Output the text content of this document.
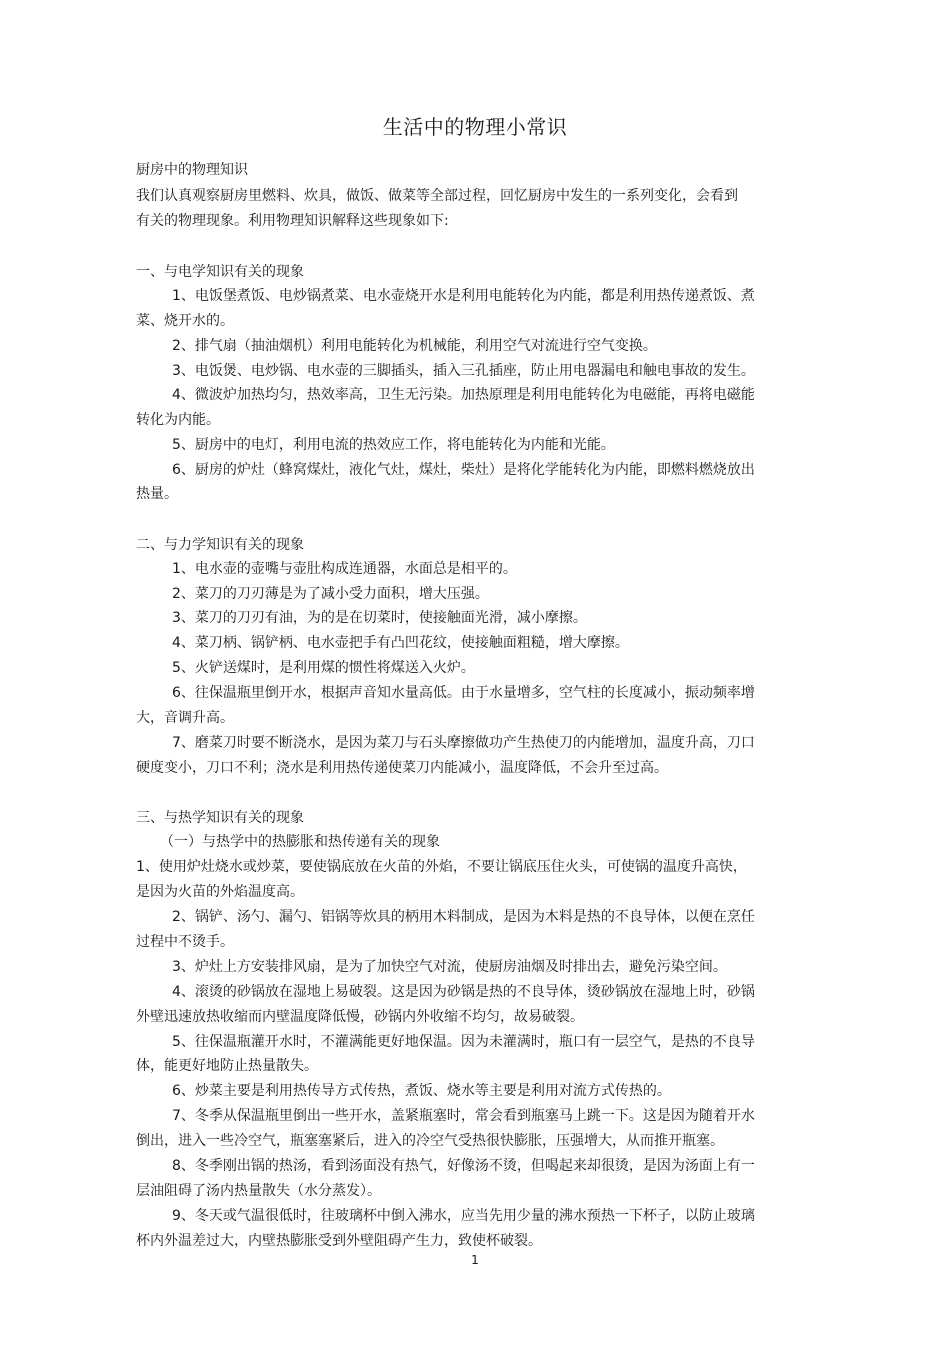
生活中的物理小常识
厨房中的物理知识
我们认真观察厨房里燃料、炊具，做饭、做菜等全部过程，回忆厨房中发生的一系列变化，会看到
有关的物理现象。利用物理知识解释这些现象如下:
一、与电学知识有关的现象
1、电饭堡煮饭、电炒锅煮菜、电水壶烧开水是利用电能转化为内能，都是利用热传递煮饭、煮
菜、烧开水的。
2、排气扇（抽油烟机）利用电能转化为机械能，利用空气对流进行空气变换。
3、电饭煲、电炒锅、电水壶的三脚插头，插入三孔插座，防止用电器漏电和触电事故的发生。
4、微波炉加热均匀，热效率高，卫生无污染。加热原理是利用电能转化为电磁能，再将电磁能
转化为内能。
5、厨房中的电灯，利用电流的热效应工作，将电能转化为内能和光能。
6、厨房的炉灶（蜂窝煤灶，液化气灶，煤灶，柴灶）是将化学能转化为内能，即燃料燃烧放出
热量。
二、与力学知识有关的现象
1、电水壶的壶嘴与壶肚构成连通器，水面总是相平的。
2、菜刀的刀刃薄是为了减小受力面积，增大压强。
3、菜刀的刀刃有油，为的是在切菜时，使接触面光滑，减小摩擦。
4、菜刀柄、锅铲柄、电水壶把手有凸凹花纹，使接触面粗糙，增大摩擦。
5、火铲送煤时，是利用煤的惯性将煤送入火炉。
6、往保温瓶里倒开水，根据声音知水量高低。由于水量增多，空气柱的长度减小，振动频率增
大，音调升高。
7、磨菜刀时要不断浇水，是因为菜刀与石头摩擦做功产生热使刀的内能增加，温度升高，刀口
硬度变小，刀口不利；浇水是利用热传递使菜刀内能减小，温度降低，不会升至过高。
三、与热学知识有关的现象
（一）与热学中的热膨胀和热传递有关的现象
1、使用炉灶烧水或炒菜，要使锅底放在火苗的外焰，不要让锅底压住火头，可使锅的温度升高快，
是因为火苗的外焰温度高。
2、锅铲、汤勺、漏勺、铝锅等炊具的柄用木料制成，是因为木料是热的不良导体，以便在烹任
过程中不烫手。
3、炉灶上方安装排风扇，是为了加快空气对流，使厨房油烟及时排出去，避免污染空间。
4、滚烫的砂锅放在湿地上易破裂。这是因为砂锅是热的不良导体，烫砂锅放在湿地上时，砂锅
外壁迅速放热收缩而内壁温度降低慢，砂锅内外收缩不均匀，故易破裂。
5、往保温瓶灌开水时，不灌满能更好地保温。因为未灌满时，瓶口有一层空气，是热的不良导
体，能更好地防止热量散失。
6、炒菜主要是利用热传导方式传热，煮饭、烧水等主要是利用对流方式传热的。
7、冬季从保温瓶里倒出一些开水，盖紧瓶塞时，常会看到瓶塞马上跳一下。这是因为随着开水
倒出，进入一些冷空气，瓶塞塞紧后，进入的冷空气受热很快膨胀，压强增大，从而推开瓶塞。
8、冬季刚出锅的热汤，看到汤面没有热气，好像汤不烫，但喝起来却很烫，是因为汤面上有一
层油阻碍了汤内热量散失（水分蒸发）。
9、冬天或气温很低时，往玻璃杯中倒入沸水，应当先用少量的沸水预热一下杯子，以防止玻璃
杯内外温差过大，内壁热膨胀受到外壁阻碍产生力，致使杯破裂。
1
